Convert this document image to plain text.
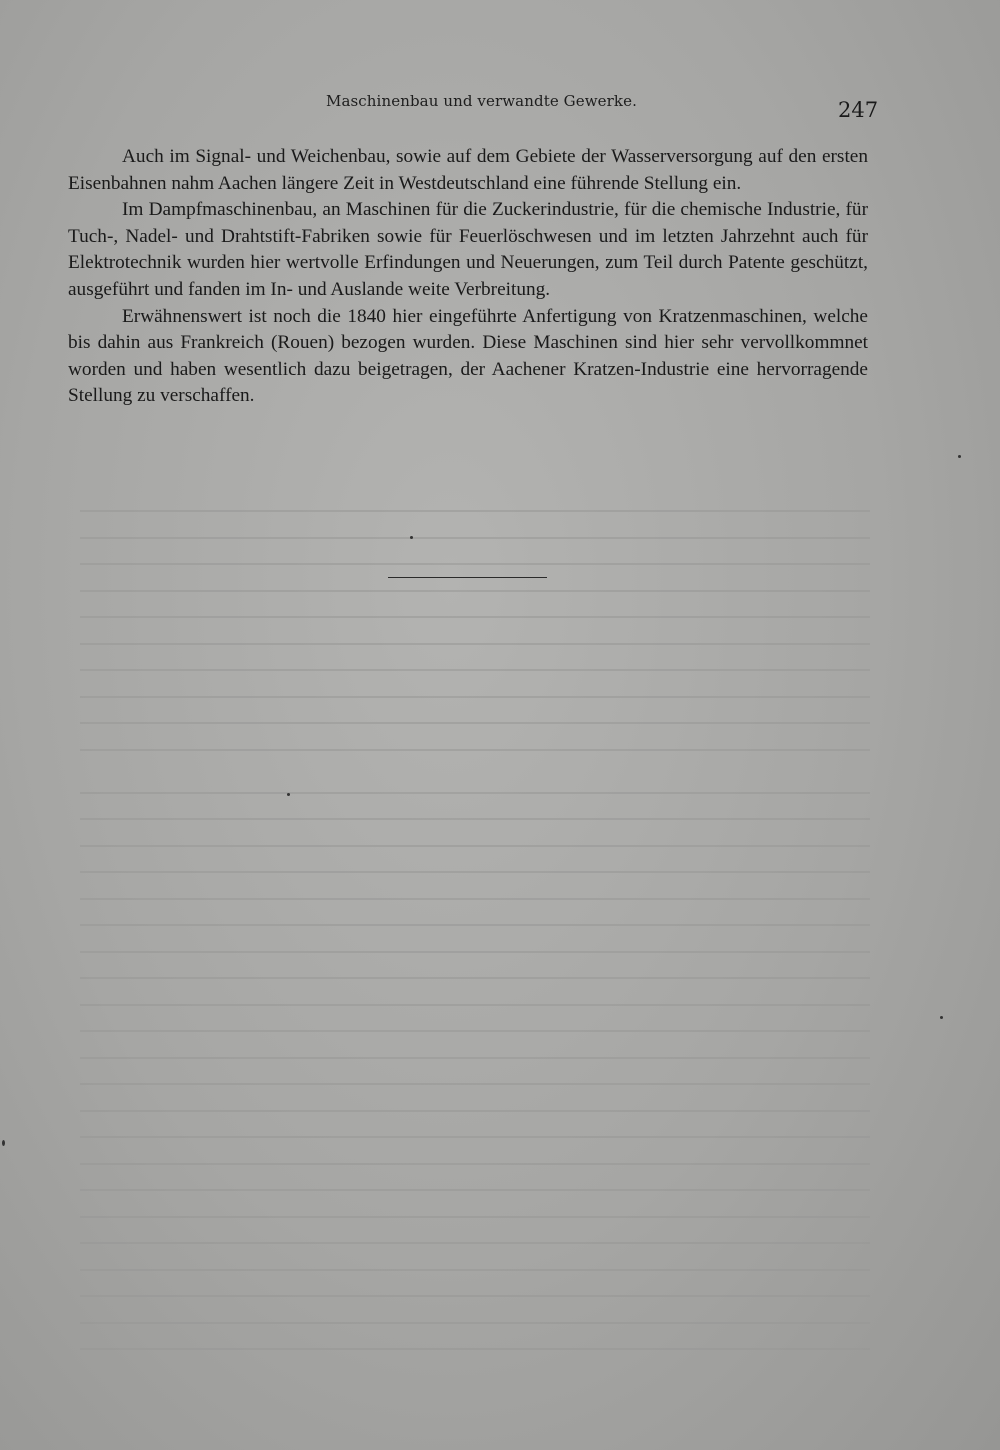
Maschinenbau und verwandte Gewerke.	247

Auch im Signal- und Weichenbau, sowie auf dem Gebiete der Wasserversorgung auf den ersten Eisenbahnen nahm Aachen längere Zeit in Westdeutschland eine führende Stellung ein.

Im Dampfmaschinenbau, an Maschinen für die Zuckerindustrie, für die chemische Industrie, für Tuch-, Nadel- und Drahtstift-Fabriken sowie für Feuerlöschwesen und im letzten Jahrzehnt auch für Elektrotechnik wurden hier wertvolle Erfindungen und Neuerungen, zum Teil durch Patente geschützt, ausgeführt und fanden im In- und Auslande weite Verbreitung.

Erwähnenswert ist noch die 1840 hier eingeführte Anfertigung von Kratzenmaschinen, welche bis dahin aus Frankreich (Rouen) bezogen wurden. Diese Maschinen sind hier sehr vervollkommnet worden und haben wesentlich dazu beigetragen, der Aachener Kratzen-Industrie eine hervorragende Stellung zu verschaffen.
